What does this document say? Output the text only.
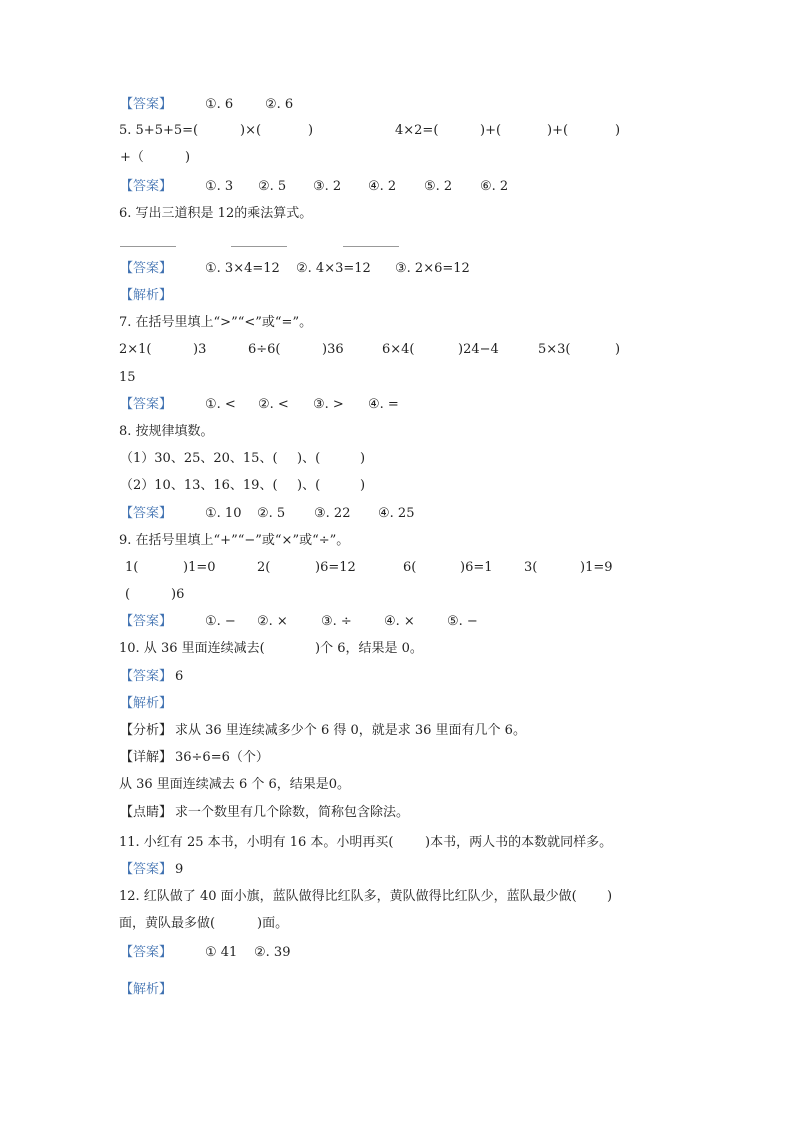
【答案】

	①. 6

②. 6

5. 5+5+5=(

	)×(

	)

	4×2=(

	)+(

	)+(

	)

+（

	)

【答案】

	①. 3

②. 5

③. 2

④. 2

⑤. 2

⑥. 2

6. 写出三道积是 12的乘法算式。

【答案】

	①. 3×4=12

②. 4×3=12

③. 2×6=12

【解析】

7. 在括号里填上“>”“<”或“=”。

2×1(

	)3

	6÷6(

	)36

	6×4(

	)24−4

	5×3(

	)

15

【答案】

	①. <

②. <

③. >

④. =

8. 按规律填数。

（1）30、25、20、15、(

)、(

	)

（2）10、13、16、19、(

)、(

	)

【答案】

	①. 10

②. 5

③. 22

④. 25

9. 在括号里填上“+”“−”或“×”或“÷”。

1(

	)1=0

	2(

	)6=12

	6(

	)6=1

3(

	)1=9

(

	)6

【答案】

	①. −

②. ×

	③. ÷

④. ×

⑤. −

10. 从 36 里面连续减去(

	)个 6，结果是 0。

【答案】

6

【解析】

【分析】

求从 36 里连续减多少个 6 得 0，就是求 36 里面有几个 6。

【详解】

36÷6=6（个）

从 36 里面连续减去 6 个 6，结果是0。

【点睛】

求一个数里有几个除数，简称包含除法。

11. 小红有 25 本书，小明有 16 本。小明再买(

)本书，两人书的本数就同样多。

【答案】

9

12. 红队做了 40 面小旗，蓝队做得比红队多，黄队做得比红队少，蓝队最少做(

)

面，黄队最多做(

	)面。

【答案】

	① 41

②. 39

【解析】
